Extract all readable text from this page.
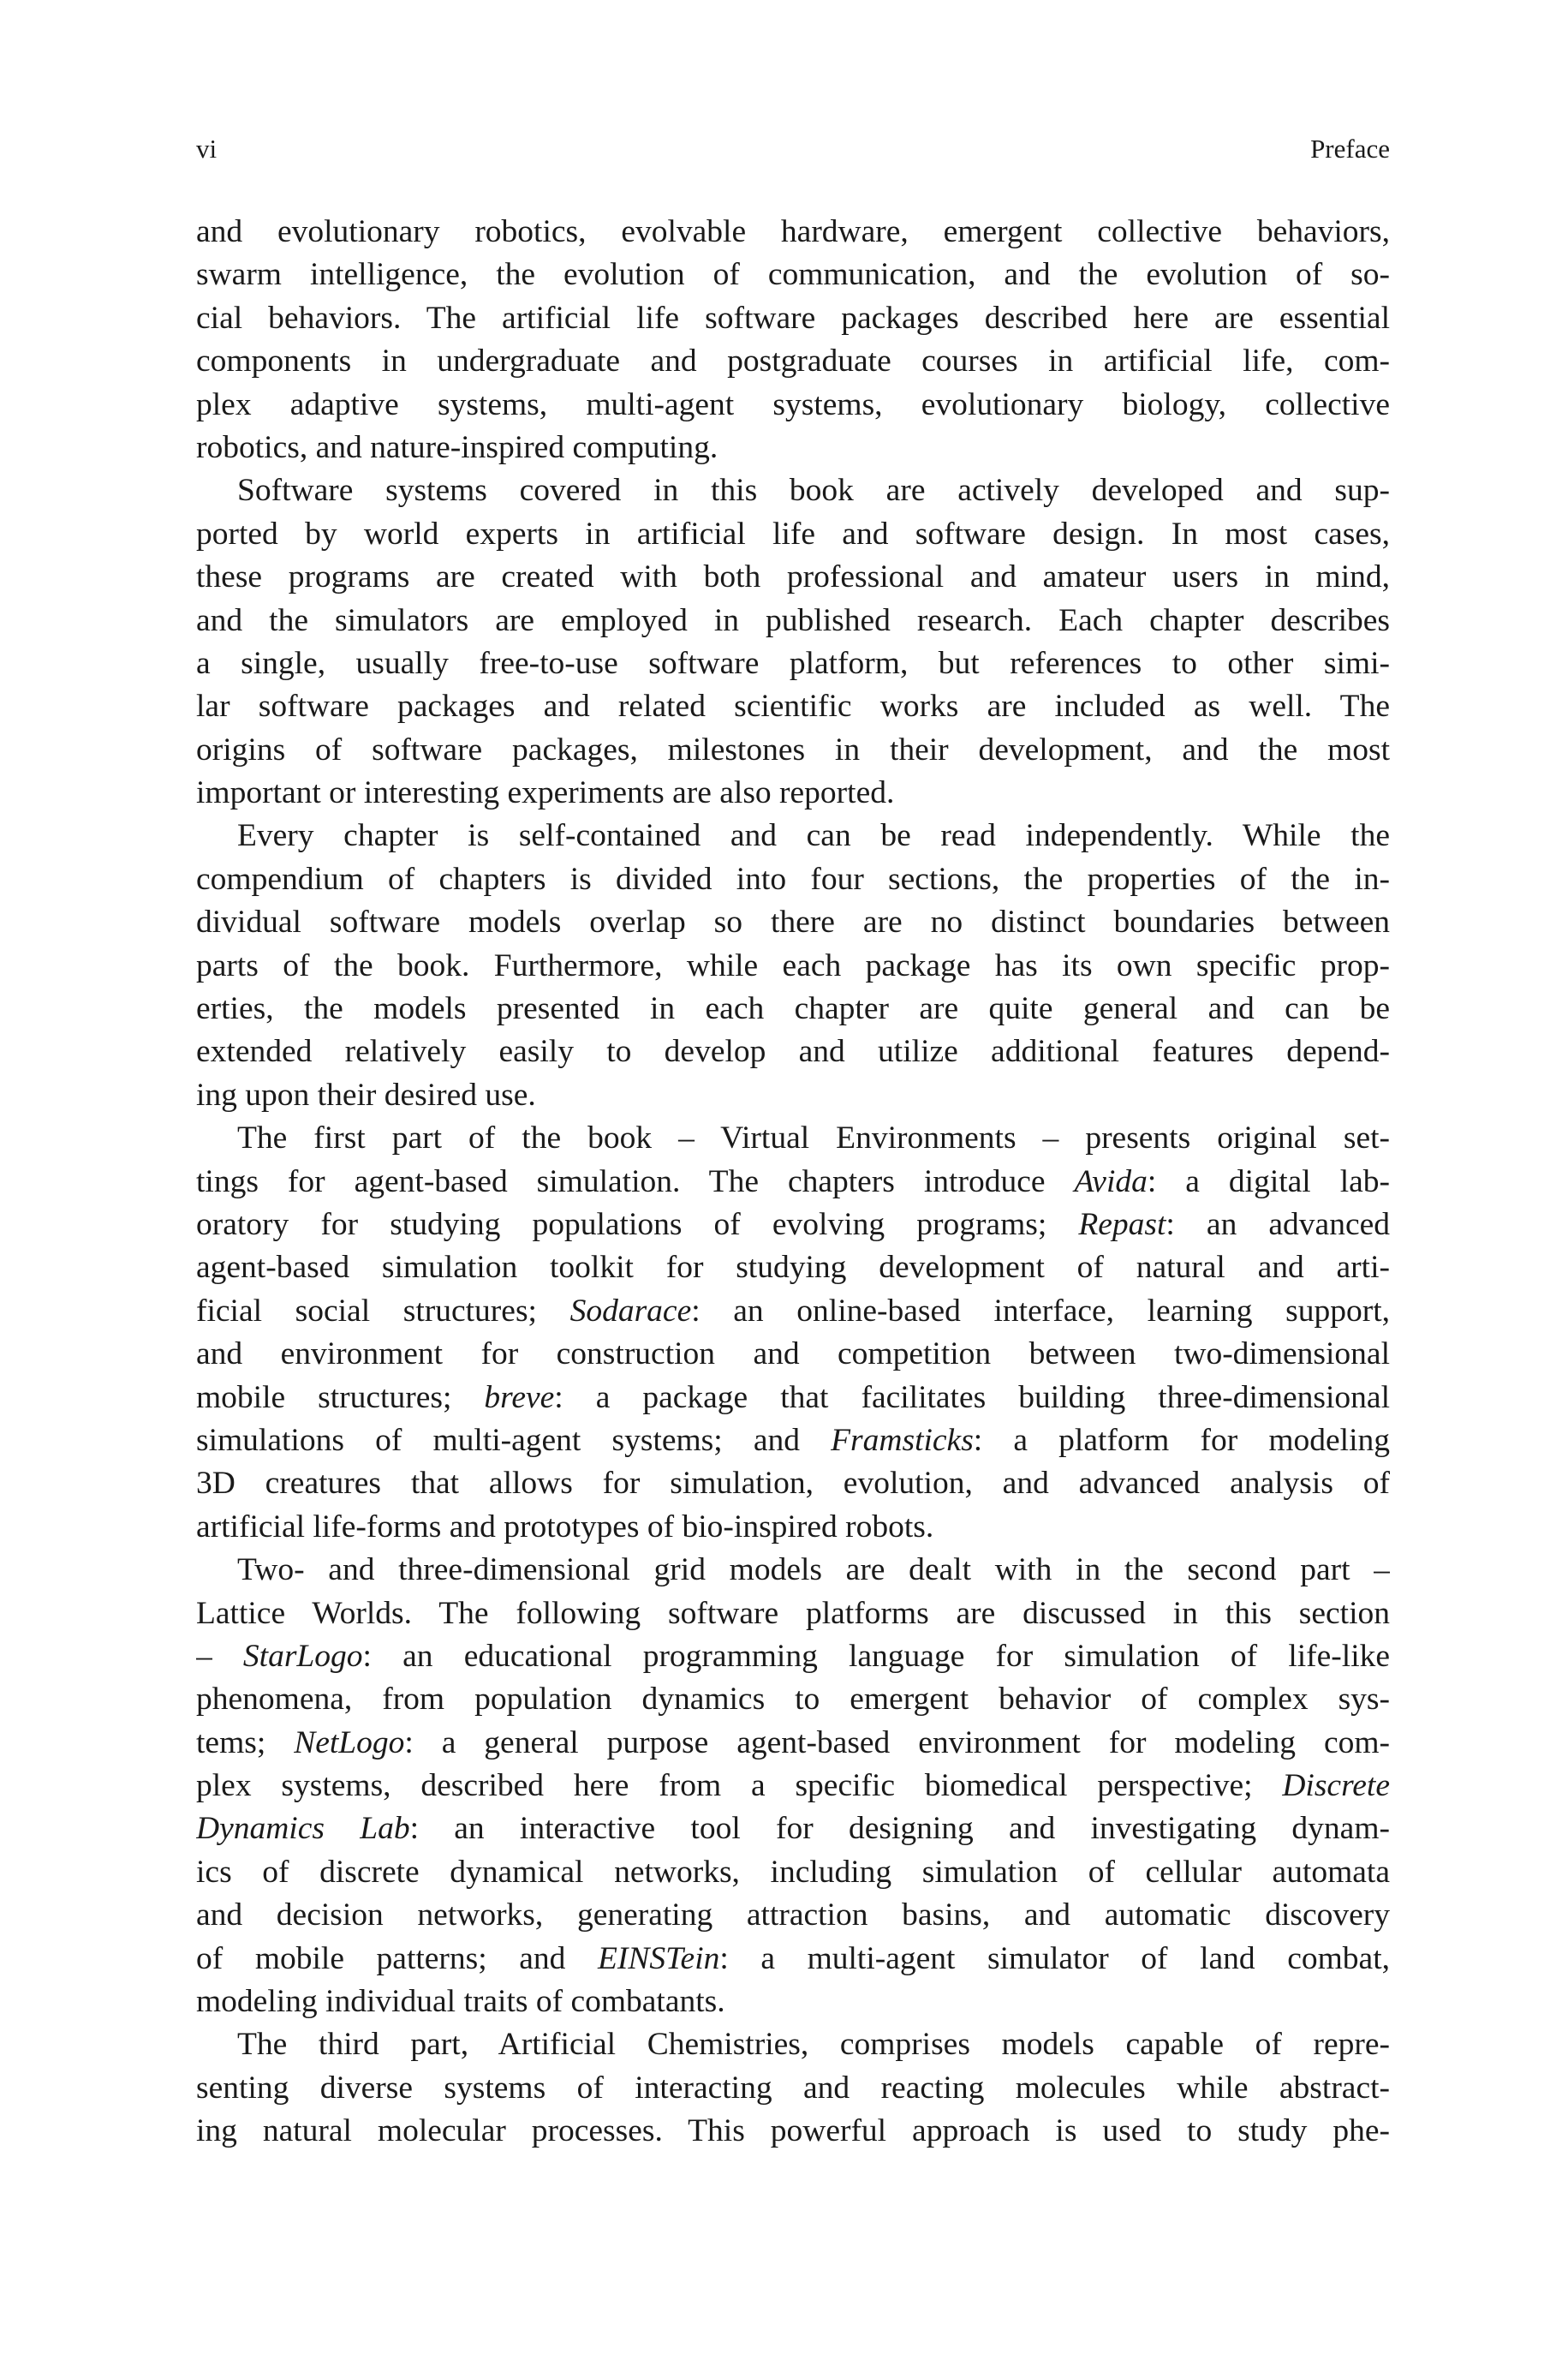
vi	Preface
and evolutionary robotics, evolvable hardware, emergent collective behaviors,
swarm intelligence, the evolution of communication, and the evolution of so-
cial behaviors. The artificial life software packages described here are essential
components in undergraduate and postgraduate courses in artificial life, com-
plex adaptive systems, multi-agent systems, evolutionary biology, collective
robotics, and nature-inspired computing.
Software systems covered in this book are actively developed and sup-
ported by world experts in artificial life and software design. In most cases,
these programs are created with both professional and amateur users in mind,
and the simulators are employed in published research. Each chapter describes
a single, usually free-to-use software platform, but references to other simi-
lar software packages and related scientific works are included as well. The
origins of software packages, milestones in their development, and the most
important or interesting experiments are also reported.
Every chapter is self-contained and can be read independently. While the
compendium of chapters is divided into four sections, the properties of the in-
dividual software models overlap so there are no distinct boundaries between
parts of the book. Furthermore, while each package has its own specific prop-
erties, the models presented in each chapter are quite general and can be
extended relatively easily to develop and utilize additional features depend-
ing upon their desired use.
The first part of the book – Virtual Environments – presents original set-
tings for agent-based simulation. The chapters introduce Avida: a digital lab-
oratory for studying populations of evolving programs; Repast: an advanced
agent-based simulation toolkit for studying development of natural and arti-
ficial social structures; Sodarace: an online-based interface, learning support,
and environment for construction and competition between two-dimensional
mobile structures; breve: a package that facilitates building three-dimensional
simulations of multi-agent systems; and Framsticks: a platform for modeling
3D creatures that allows for simulation, evolution, and advanced analysis of
artificial life-forms and prototypes of bio-inspired robots.
Two- and three-dimensional grid models are dealt with in the second part –
Lattice Worlds. The following software platforms are discussed in this section
– StarLogo: an educational programming language for simulation of life-like
phenomena, from population dynamics to emergent behavior of complex sys-
tems; NetLogo: a general purpose agent-based environment for modeling com-
plex systems, described here from a specific biomedical perspective; Discrete
Dynamics Lab: an interactive tool for designing and investigating dynam-
ics of discrete dynamical networks, including simulation of cellular automata
and decision networks, generating attraction basins, and automatic discovery
of mobile patterns; and EINSTein: a multi-agent simulator of land combat,
modeling individual traits of combatants.
The third part, Artificial Chemistries, comprises models capable of repre-
senting diverse systems of interacting and reacting molecules while abstract-
ing natural molecular processes. This powerful approach is used to study phe-
